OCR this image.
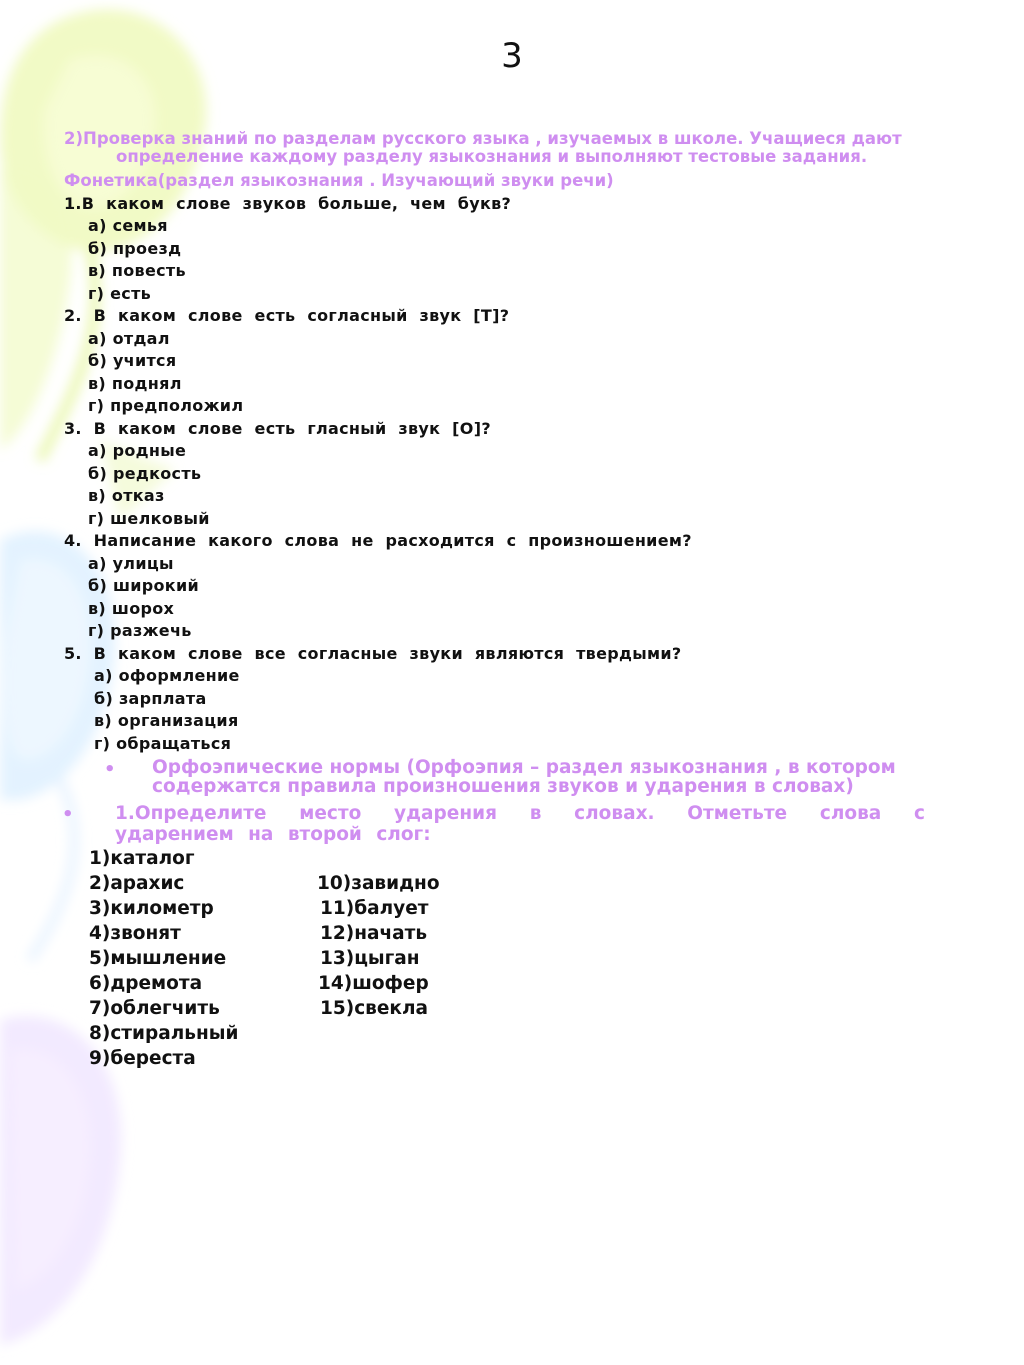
3
2)Проверка знаний по разделам русского языка , изучаемых в школе. Учащиеся дают
определение каждому разделу языкознания и выполняют тестовые задания.
Фонетика(раздел языкознания . Изучающий звуки речи)
1.В каком слове звуков больше, чем букв?
а) семья
б) проезд
в) повесть
г) есть
2. В каком слове есть согласный звук [Т]?
а) отдал
б) учится
в) поднял
г) предположил
3. В каком слове есть гласный звук [О]?
а) родные
б) редкость
в) отказ
г) шелковый
4. Написание какого слова не расходится с произношением?
а) улицы
б) широкий
в) шорох
г) разжечь
5. В каком слове все согласные звуки являются твердыми?
а) оформление
б) зарплата
в) организация
г) обращаться
• Орфоэпические нормы (Орфоэпия – раздел языкознания , в котором содержатся правила произношения звуков и ударения в словах)
• 1.Определите место ударения в словах. Отметьте слова с ударением на второй слог:
1)каталог
2)арахис
3)километр
4)звонят
5)мышление
6)дремота
7)облегчить
8)стиральный
9)береста
10)завидно
11)балует
12)начать
13)цыган
14)шофер
15)свекла
